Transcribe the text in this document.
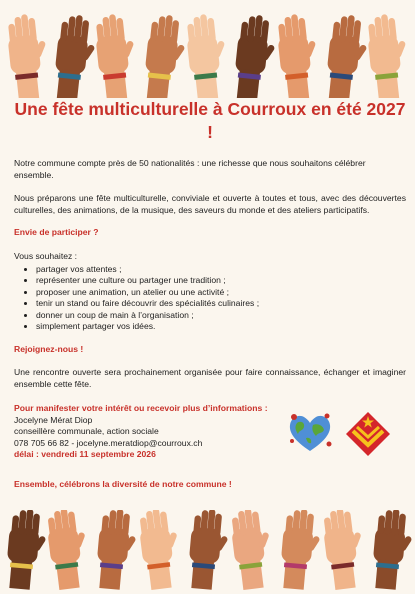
Une fête multiculturelle à Courroux en été 2027 !

Notre commune compte près de 50 nationalités : une richesse que nous souhaitons célébrer ensemble.

Nous préparons une fête multiculturelle, conviviale et ouverte à toutes et tous, avec des découvertes culturelles, des animations, de la musique, des saveurs du monde et des ateliers participatifs.

Envie de participer ?

Vous souhaitez :

• partager vos attentes ;
• représenter une culture ou partager une tradition ;
• proposer une animation, un atelier ou une activité ;
• tenir un stand ou faire découvrir des spécialités culinaires ;
• donner un coup de main à l’organisation ;
• simplement partager vos idées.
Rejoignez-nous !

Une rencontre ouverte sera prochainement organisée pour faire connaissance, échanger et imaginer ensemble cette fête.

Pour manifester votre intérêt ou recevoir plus d’informations :
Jocelyne Mérat Diop
conseillère communale, action sociale
078 705 66 82 - jocelyne.meratdiop@courroux.ch
délai : vendredi 11 septembre 2026
Ensemble, célébrons la diversité de notre commune !
